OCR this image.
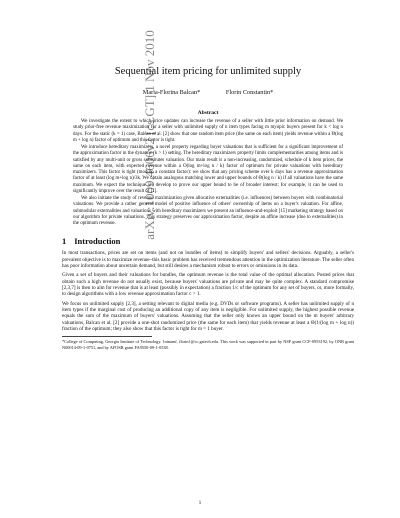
arXiv:1009.4606v2 [cs.GT] 1 Nov 2010
Sequential item pricing for unlimited supply
Maria-Florina Balcan*	Florin Constantin*
Abstract

We investigate the extent to which price updates can increase the revenue of a seller with little prior information on demand. We study prior-free revenue maximization for a seller with unlimited supply of n item types facing m myopic buyers present for k < log n days. For the static (k = 1) case, Balcan et al. [2] show that one random item price (the same on each item) yields revenue within a Θ(log m + log n) factor of optimum and this factor is tight.

We introduce hereditary maximizers, a novel property regarding buyer valuations that is sufficient for a significant improvement of the approximation factor in the dynamic (k > 1) setting. The hereditary maximizers property limits complementarities among items and is satisfied by any multi-unit or gross substitutes valuation. Our main result is a non-increasing, randomized, schedule of k item prices, the same on each item, with expected revenue within a O(log m+log n / k) factor of optimum for private valuations with hereditary maximizers. This factor is tight (modulo a constant factor): we show that any pricing scheme over k days has a revenue approximation factor of at least (log m+log n)/3k. We obtain analogous matching lower and upper bounds of Θ(log n / k) if all valuations have the same maximum. We expect the technique we develop to prove our upper bound to be of broader interest; for example, it can be used to significantly improve over the result of [1].

We also initiate the study of revenue maximization given allocative externalities (i.e. influences) between buyers with combinatorial valuations. We provide a rather general model of positive influence of others' ownership of items on a buyer's valuation. For affine, submodular externalities and valuations with hereditary maximizers we present an influence-and-exploit [15] marketing strategy based on our algorithm for private valuations. This strategy preserves our approximation factor, despite an affine increase (due to externalities) in the optimum revenue.

1 Introduction

In most transactions, prices are set on items (and not on bundles of items) to simplify buyers' and sellers' decisions. Arguably, a seller's prevalent objective is to maximize revenue–this basic problem has received tremendous attention in the optimization literature. The seller often has poor information about uncertain demand, but still desires a mechanism robust to errors or omissions in its data.

Given a set of buyers and their valuations for bundles, the optimum revenue is the total value of the optimal allocation. Posted prices that obtain such a high revenue do not usually exist, because buyers' valuations are private and may be quite complex. A standard compromise [2,3,7] is then to aim for revenue that is at least (possibly in expectation) a fraction 1/c of the optimum for any set of buyers, or, more formally, to design algorithms with a low revenue approximation factor c > 1.

We focus on unlimited supply [2,3], a setting relevant to digital media (e.g. DVDs or software programs). A seller has unlimited supply of n item types if the marginal cost of producing an additional copy of any item is negligible. For unlimited supply, the highest possible revenue equals the sum of the maximum of buyers' valuations. Assuming that the seller only knows an upper bound on the m buyers' arbitrary valuations, Balcan et al. [2] provide a one-shot randomized price (the same for each item) that yields revenue at least a Θ(1/(log m + log n)) fraction of the optimum; they also show that this factor is tight for m = 1 buyer.

*College of Computing, Georgia Institute of Technology. {ninamf, florin}@cc.gatech.edu. This work was supported in part by NSF grant CCF-0953192, by ONR grant N00014-09-1-0751, and by AFOSR grant FA9550-09-1-0538.
1
